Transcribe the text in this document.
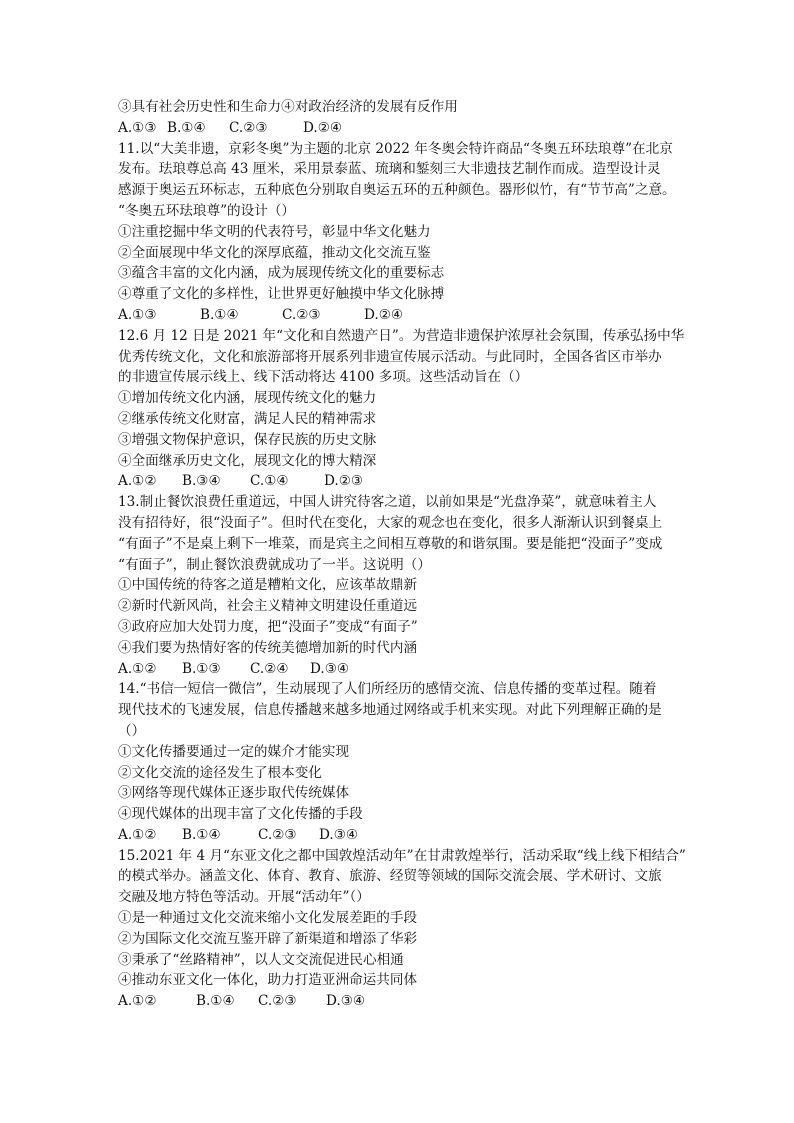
③具有社会历史性和生命力④对政治经济的发展有反作用
A.①③ B.①④	C.②③	D.②④
11.以“大美非遗，京彩冬奥”为主题的北京 2022 年冬奥会特许商品“冬奥五环珐琅尊”在北京
发布。珐琅尊总高 43 厘米，采用景泰蓝、琉璃和錾刻三大非遗技艺制作而成。造型设计灵
感源于奥运五环标志，五种底色分别取自奥运五环的五种颜色。器形似竹，有“节节高”之意。
“冬奥五环珐琅尊”的设计（）
①注重挖掘中华文明的代表符号，彰显中华文化魅力
②全面展现中华文化的深厚底蕴，推动文化交流互鉴
③蕴含丰富的文化内涵，成为展现传统文化的重要标志
④尊重了文化的多样性，让世界更好触摸中华文化脉搏
A.①③	B.①④	C.②③	D.②④
12.6 月 12 日是 2021 年“文化和自然遗产日”。为营造非遗保护浓厚社会氛围，传承弘扬中华
优秀传统文化，文化和旅游部将开展系列非遗宣传展示活动。与此同时，全国各省区市举办
的非遗宣传展示线上、线下活动将达 4100 多项。这些活动旨在（）
①增加传统文化内涵，展现传统文化的魅力
②继承传统文化财富，满足人民的精神需求
③增强文物保护意识，保存民族的历史文脉
④全面继承历史文化，展现文化的博大精深
A.①②	B.③④	C.①④	D.②③
13.制止餐饮浪费任重道远，中国人讲究待客之道，以前如果是“光盘净菜”，就意味着主人
没有招待好，很“没面子”。但时代在变化，大家的观念也在变化，很多人渐渐认识到餐桌上
“有面子”不是桌上剩下一堆菜，而是宾主之间相互尊敬的和谐氛围。要是能把“没面子”变成
“有面子”，制止餐饮浪费就成功了一半。这说明（）
①中国传统的待客之道是糟粕文化，应该革故鼎新
②新时代新风尚，社会主义精神文明建设任重道远
③政府应加大处罚力度，把“没面子”变成“有面子”
④我们要为热情好客的传统美德增加新的时代内涵
A.①②	B.①③	C.②④	D.③④
14.“书信一短信一微信”，生动展现了人们所经历的感情交流、信息传播的变革过程。随着
现代技术的飞速发展，信息传播越来越多地通过网络或手机来实现。对此下列理解正确的是
（）
①文化传播要通过一定的媒介才能实现
②文化交流的途径发生了根本变化
③网络等现代媒体正逐步取代传统媒体
④现代媒体的出现丰富了文化传播的手段
A.①②	B.①④	C.②③	D.③④
15.2021 年 4 月“东亚文化之都中国敦煌活动年”在甘肃敦煌举行，活动采取“线上线下相结合”
的模式举办。涵盖文化、体育、教育、旅游、经贸等领域的国际交流会展、学术研讨、文旅
交融及地方特色等活动。开展“活动年”（）
①是一种通过文化交流来缩小文化发展差距的手段
②为国际文化交流互鉴开辟了新渠道和增添了华彩
③秉承了“丝路精神”，以人文交流促进民心相通
④推动东亚文化一体化，助力打造亚洲命运共同体
A.①②	B.①④	C.②③	D.③④
